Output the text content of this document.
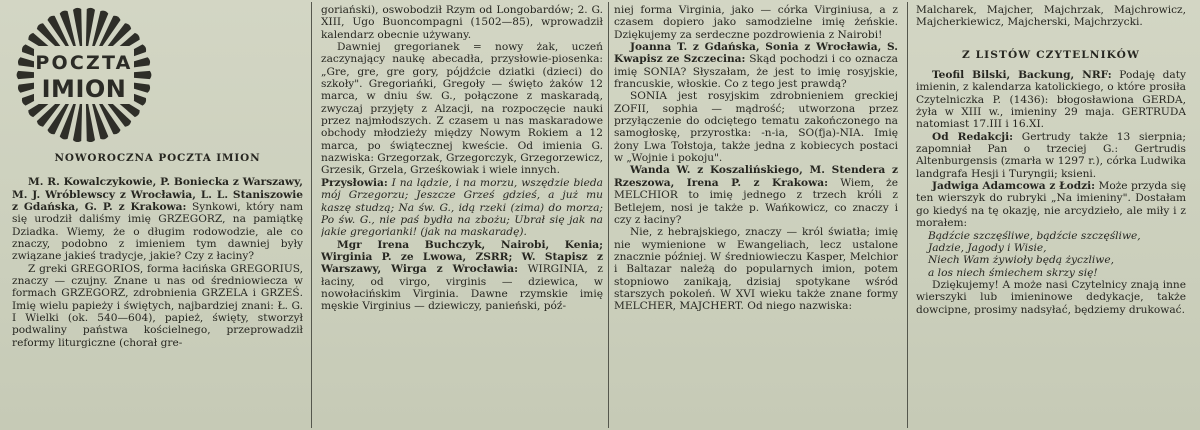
POCZTA
IMION
NOWOROCZNA POCZTA IMION

M. R. Kowalczykowie, P. Boniecka z Warszawy, M. J. Wróblewscy z Wrocławia, L. L. Staniszowie z Gdańska, G. P. z Krakowa: Synkowi, który nam się urodził daliśmy imię GRZEGORZ, na pamiątkę Dziadka. Wiemy, że o długim rodowodzie, ale co znaczy, podobno z imieniem tym dawniej były związane jakieś tradycje, jakie? Czy z łaciny?

Z greki GREGORIOS, forma łacińska GREGORIUS, znaczy — czujny. Znane u nas od średniowiecza w formach GRZEGORZ, zdrobnienia GRZELA i GRZEŚ. Imię wielu papieży i świętych, najbardziej znani: Ł. G. I Wielki (ok. 540—604), papież, święty, stworzył podwaliny państwa kościelnego, przeprowadził reformy liturgiczne (chorał gre-

goriański), oswobodził Rzym od Longobardów; 2. G. XIII, Ugo Buoncompagni (1502—85), wprowadził kalendarz obecnie używany.

Dawniej gregorianek = nowy żak, uczeń zaczynający naukę abecadła, przysłowie-piosenka: „Gre, gre, gre gory, pójdźcie dziatki (dzieci) do szkoły". Gregoriańki, Gregoły — święto żaków 12 marca, w dniu św. G., połączone z maskaradą, zwyczaj przyjęty z Alzacji, na rozpoczęcie nauki przez najmłodszych. Z czasem u nas maskaradowe obchody młodzieży między Nowym Rokiem a 12 marca, po świątecznej kweście. Od imienia G. nazwiska: Grzegorzak, Grzegorczyk, Grzegorzewicz, Grzesik, Grzela, Grześkowiak i wiele innych.

Przysłowia: I na lądzie, i na morzu, wszędzie bieda mój Grzegorzu; Jeszcze Grześ gdzieś, a już mu kaszę studzą; Na św. G., idą rzeki (zima) do morza; Po św. G., nie paś bydła na zbożu; Ubrał się jak na jakie gregorianki! (jak na maskaradę).

Mgr Irena Buchczyk, Nairobi, Kenia; Wirginia P. ze Lwowa, ZSRR; W. Stapisz z Warszawy, Wirga z Wrocławia: WIRGINIA, z łaciny, od virgo, virginis — dziewica, w nowołacińskim Virginia. Dawne rzymskie imię męskie Virginius — dziewiczy, panieński, póź-

niej forma Virginia, jako — córka Virginiusa, a z czasem dopiero jako samodzielne imię żeńskie. Dziękujemy za serdeczne pozdrowienia z Nairobi!

Joanna T. z Gdańska, Sonia z Wrocławia, S. Kwapisz ze Szczecina: Skąd pochodzi i co oznacza imię SONIA? Słyszałam, że jest to imię rosyjskie, francuskie, włoskie. Co z tego jest prawdą?

SONIA jest rosyjskim zdrobnieniem greckiej ZOFII, sophia — mądrość; utworzona przez przyłączenie do odciętego tematu zakończonego na samogłoskę, przyrostka: -n-ia, SO(fja)-NIA. Imię żony Lwa Tołstoja, także jedna z kobiecych postaci w „Wojnie i pokoju".

Wanda W. z Koszalińskiego, M. Stendera z Rzeszowa, Irena P. z Krakowa: Wiem, że MELCHIOR to imię jednego z trzech króli z Betlejem, nosi je także p. Wańkowicz, co znaczy i czy z łaciny?

Nie, z hebrajskiego, znaczy — król światła; imię nie wymienione w Ewangeliach, lecz ustalone znacznie później. W średniowieczu Kasper, Melchior i Baltazar należą do popularnych imion, potem stopniowo zanikają, dzisiaj spotykane wśród starszych pokoleń. W XVI wieku także znane formy MELCHER, MAJCHERT. Od niego nazwiska:

Malcharek, Majcher, Majchrzak, Majchrowicz, Majcherkiewicz, Majcherski, Majchrzycki.

Z LISTÓW CZYTELNIKÓW

Teofil Bilski, Backung, NRF: Podaję daty imienin, z kalendarza katolickiego, o które prosiła Czytelniczka P. (1436): błogosławiona GERDA, żyła w XIII w., imieniny 29 maja. GERTRUDA natomiast 17.III i 16.XI.

Od Redakcji: Gertrudy także 13 sierpnia; zapomniał Pan o trzeciej G.: Gertrudis Altenburgensis (zmarła w 1297 r.), córka Ludwika landgrafa Hesji i Turyngii; ksieni.

Jadwiga Adamcowa z Łodzi: Może przyda się ten wierszyk do rubryki „Na imieniny". Dostałam go kiedyś na tę okazję, nie arcydzieło, ale miły i z morałem:

Bądźcie szczęśliwe, bądźcie szczęśliwe,
Jadzie, Jagody i Wisie,
Niech Wam żywioły będą życzliwe,
a los niech śmiechem skrzy się!

Dziękujemy! A może nasi Czytelnicy znają inne wierszyki lub imieninowe dedykacje, także dowcipne, prosimy nadsyłać, będziemy drukować.
